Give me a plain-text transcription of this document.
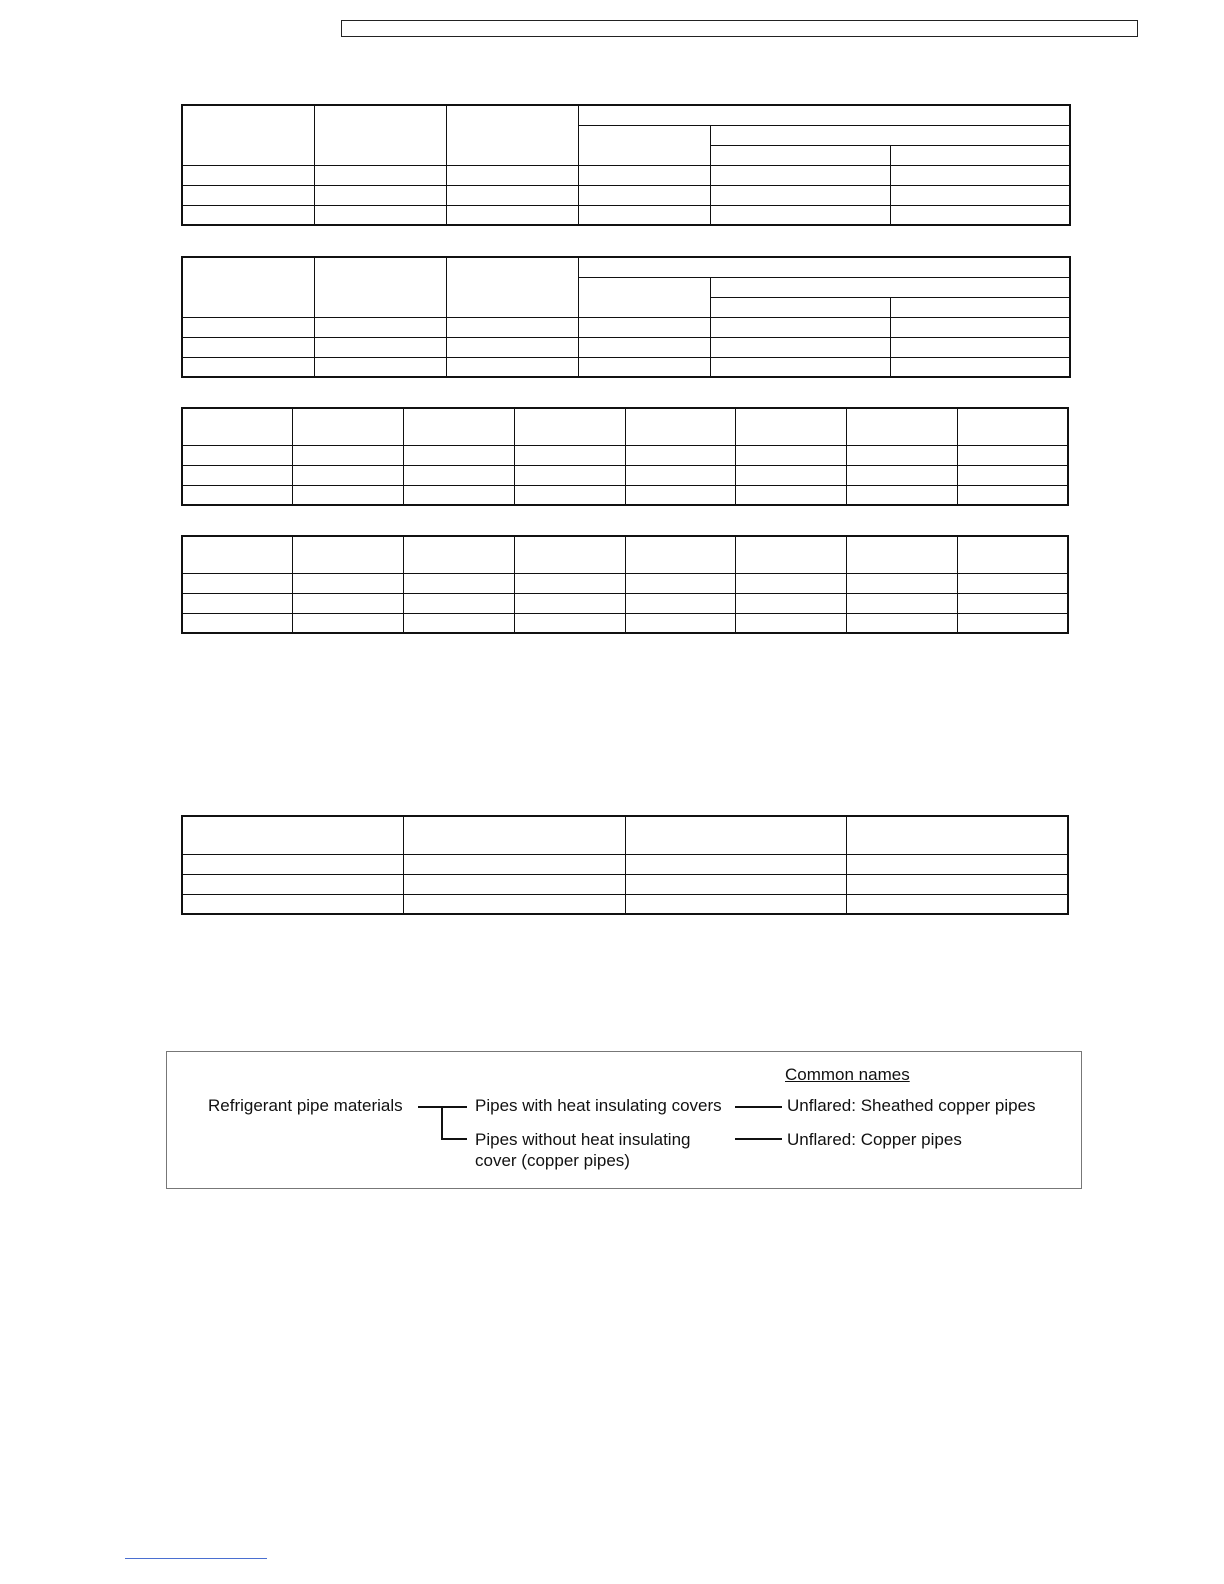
Common names
Refrigerant pipe materials	Pipes with heat insulating covers
Pipes without heat insulating
cover (copper pipes)
Unflared: Sheathed copper pipes
Unflared: Copper pipes
